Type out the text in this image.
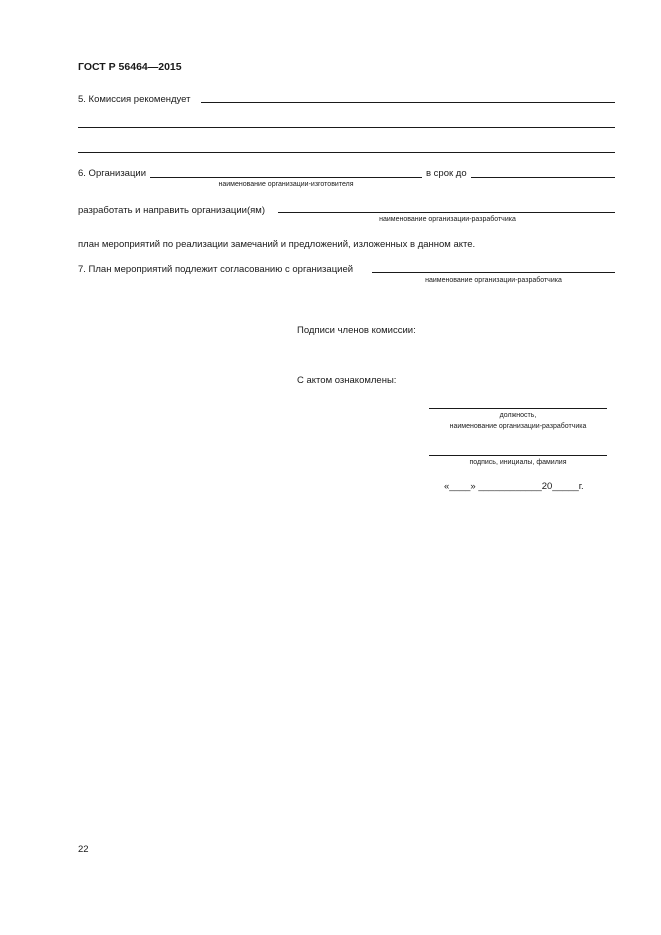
ГОСТ Р 56464—2015
5. Комиссия рекомендует
6. Организации
наименование организации-изготовителя
в срок до
разработать и направить организации(ям)
наименование организации-разработчика
план мероприятий по реализации замечаний и предложений, изложенных в данном акте.
7. План мероприятий подлежит согласованию с организацией
наименование организации-разработчика
Подписи членов комиссии:
С актом ознакомлены:
должность,
наименование организации-разработчика
подпись, инициалы, фамилия
«____» ____________20_____г.
22
